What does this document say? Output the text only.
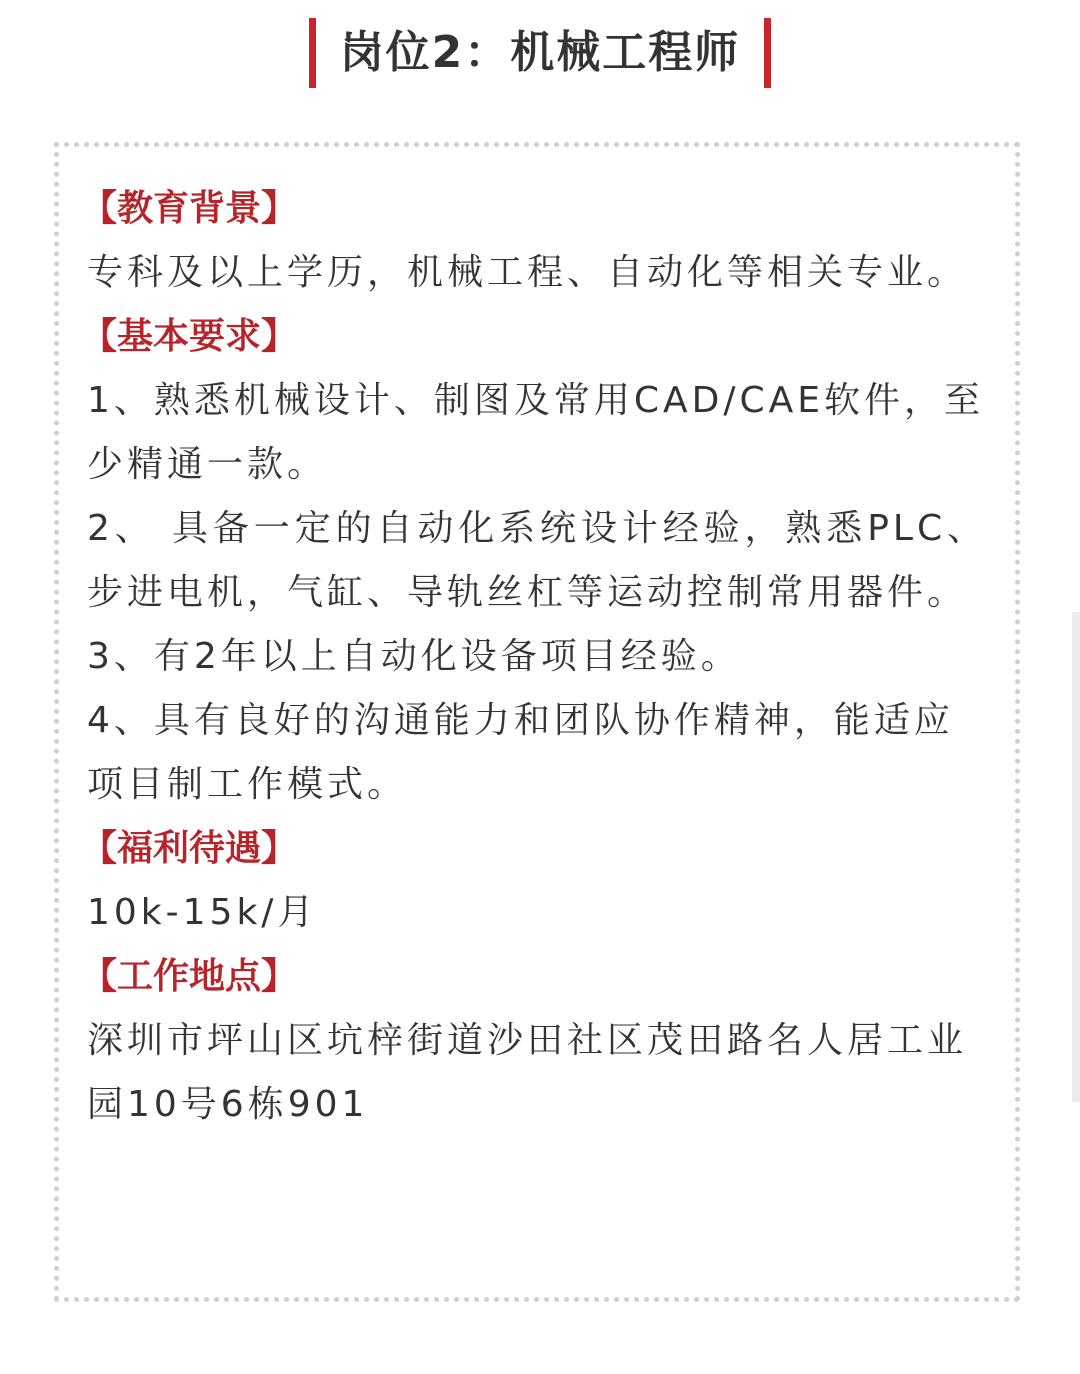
岗位2：机械工程师
【教育背景】
专科及以上学历，机械工程、自动化等相关专业。
【基本要求】
1、熟悉机械设计、制图及常用CAD/CAE软件，至少精通一款。
2、 具备一定的自动化系统设计经验，熟悉PLC、步进电机，气缸、导轨丝杠等运动控制常用器件。
3、有2年以上自动化设备项目经验。
4、具有良好的沟通能力和团队协作精神，能适应项目制工作模式。
【福利待遇】
10k-15k/月
【工作地点】
深圳市坪山区坑梓街道沙田社区茂田路名人居工业园10号6栋901
